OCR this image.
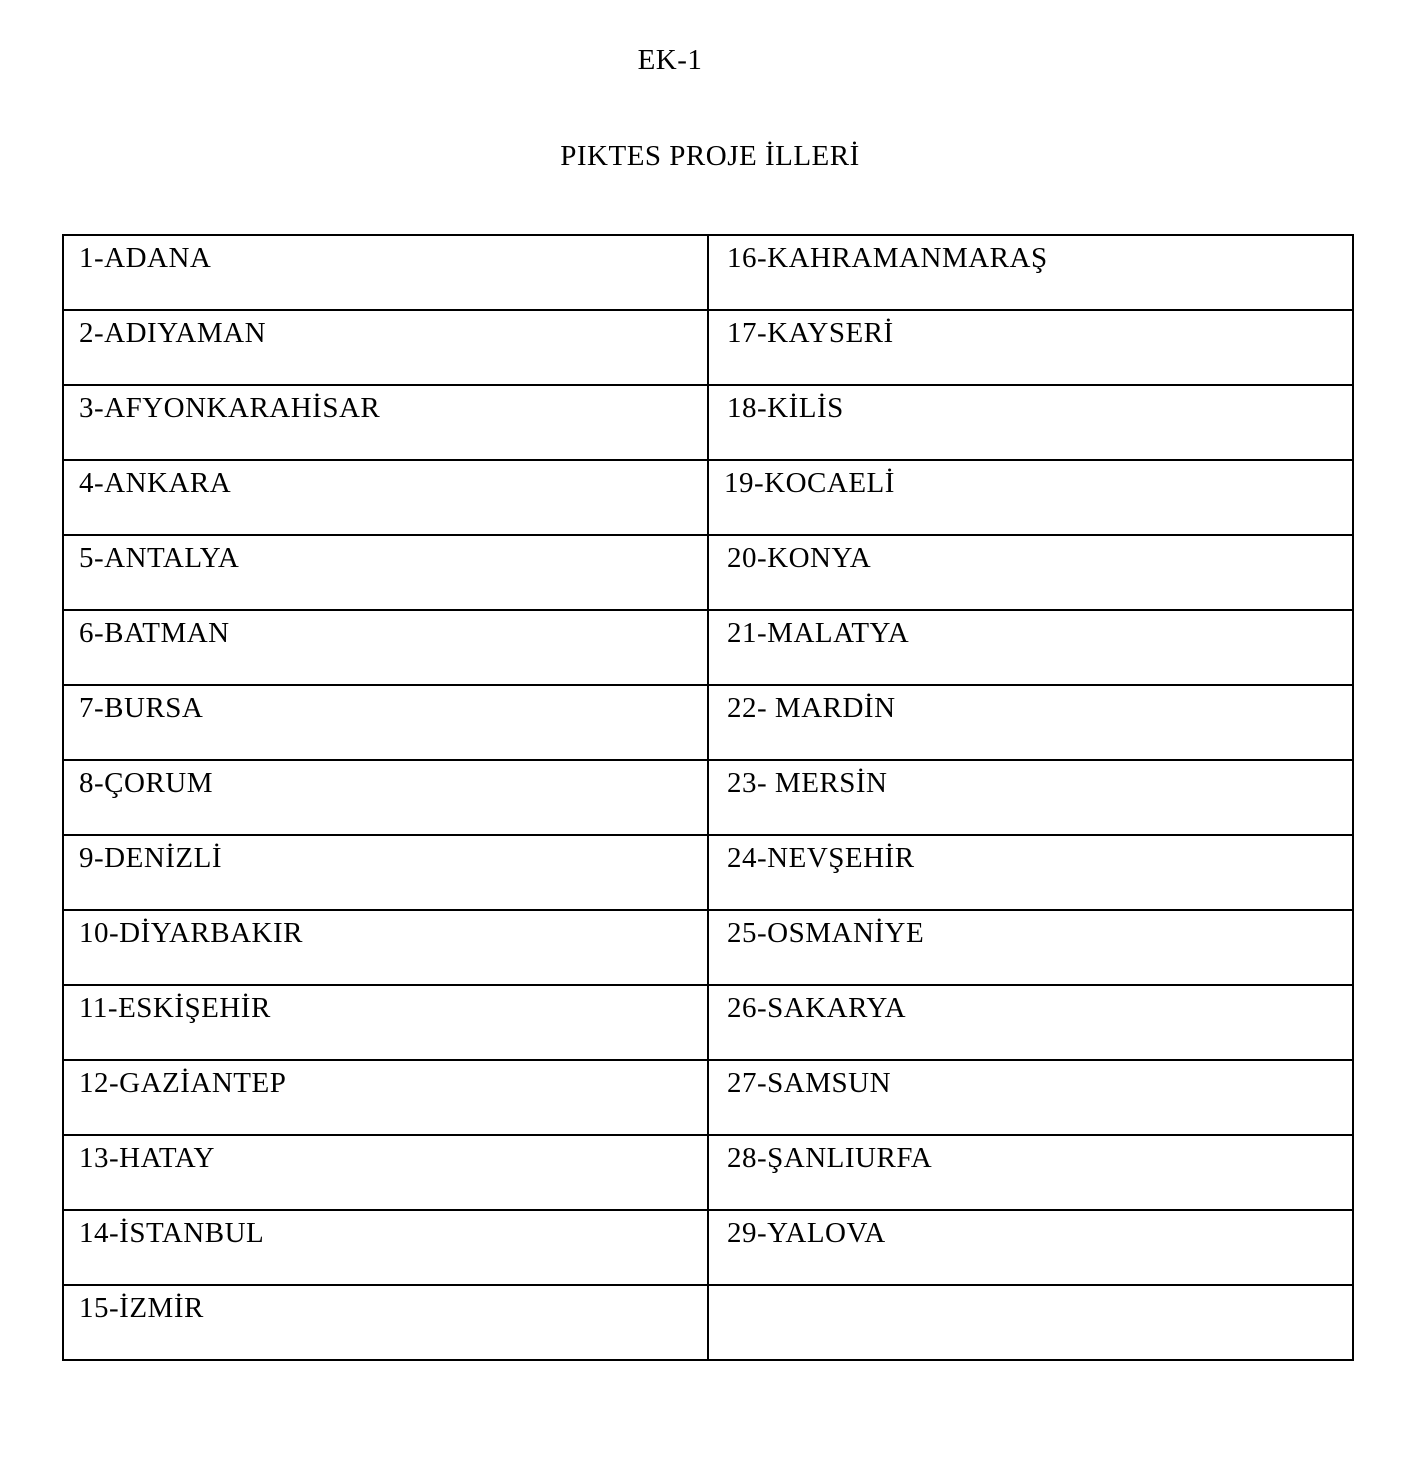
EK-1
PIKTES PROJE İLLERİ
1-ADANA	16-KAHRAMANMARAŞ

2-ADIYAMAN	17-KAYSERİ

3-AFYONKARAHİSAR	18-KİLİS

4-ANKARA	19-KOCAELİ

5-ANTALYA	20-KONYA

6-BATMAN	21-MALATYA

7-BURSA	22- MARDİN

8-ÇORUM	23- MERSİN

9-DENİZLİ	24-NEVŞEHİR

10-DİYARBAKIR	25-OSMANİYE

11-ESKİŞEHİR	26-SAKARYA

12-GAZİANTEP	27-SAMSUN

13-HATAY	28-ŞANLIURFA

14-İSTANBUL	29-YALOVA

15-İZMİR	
